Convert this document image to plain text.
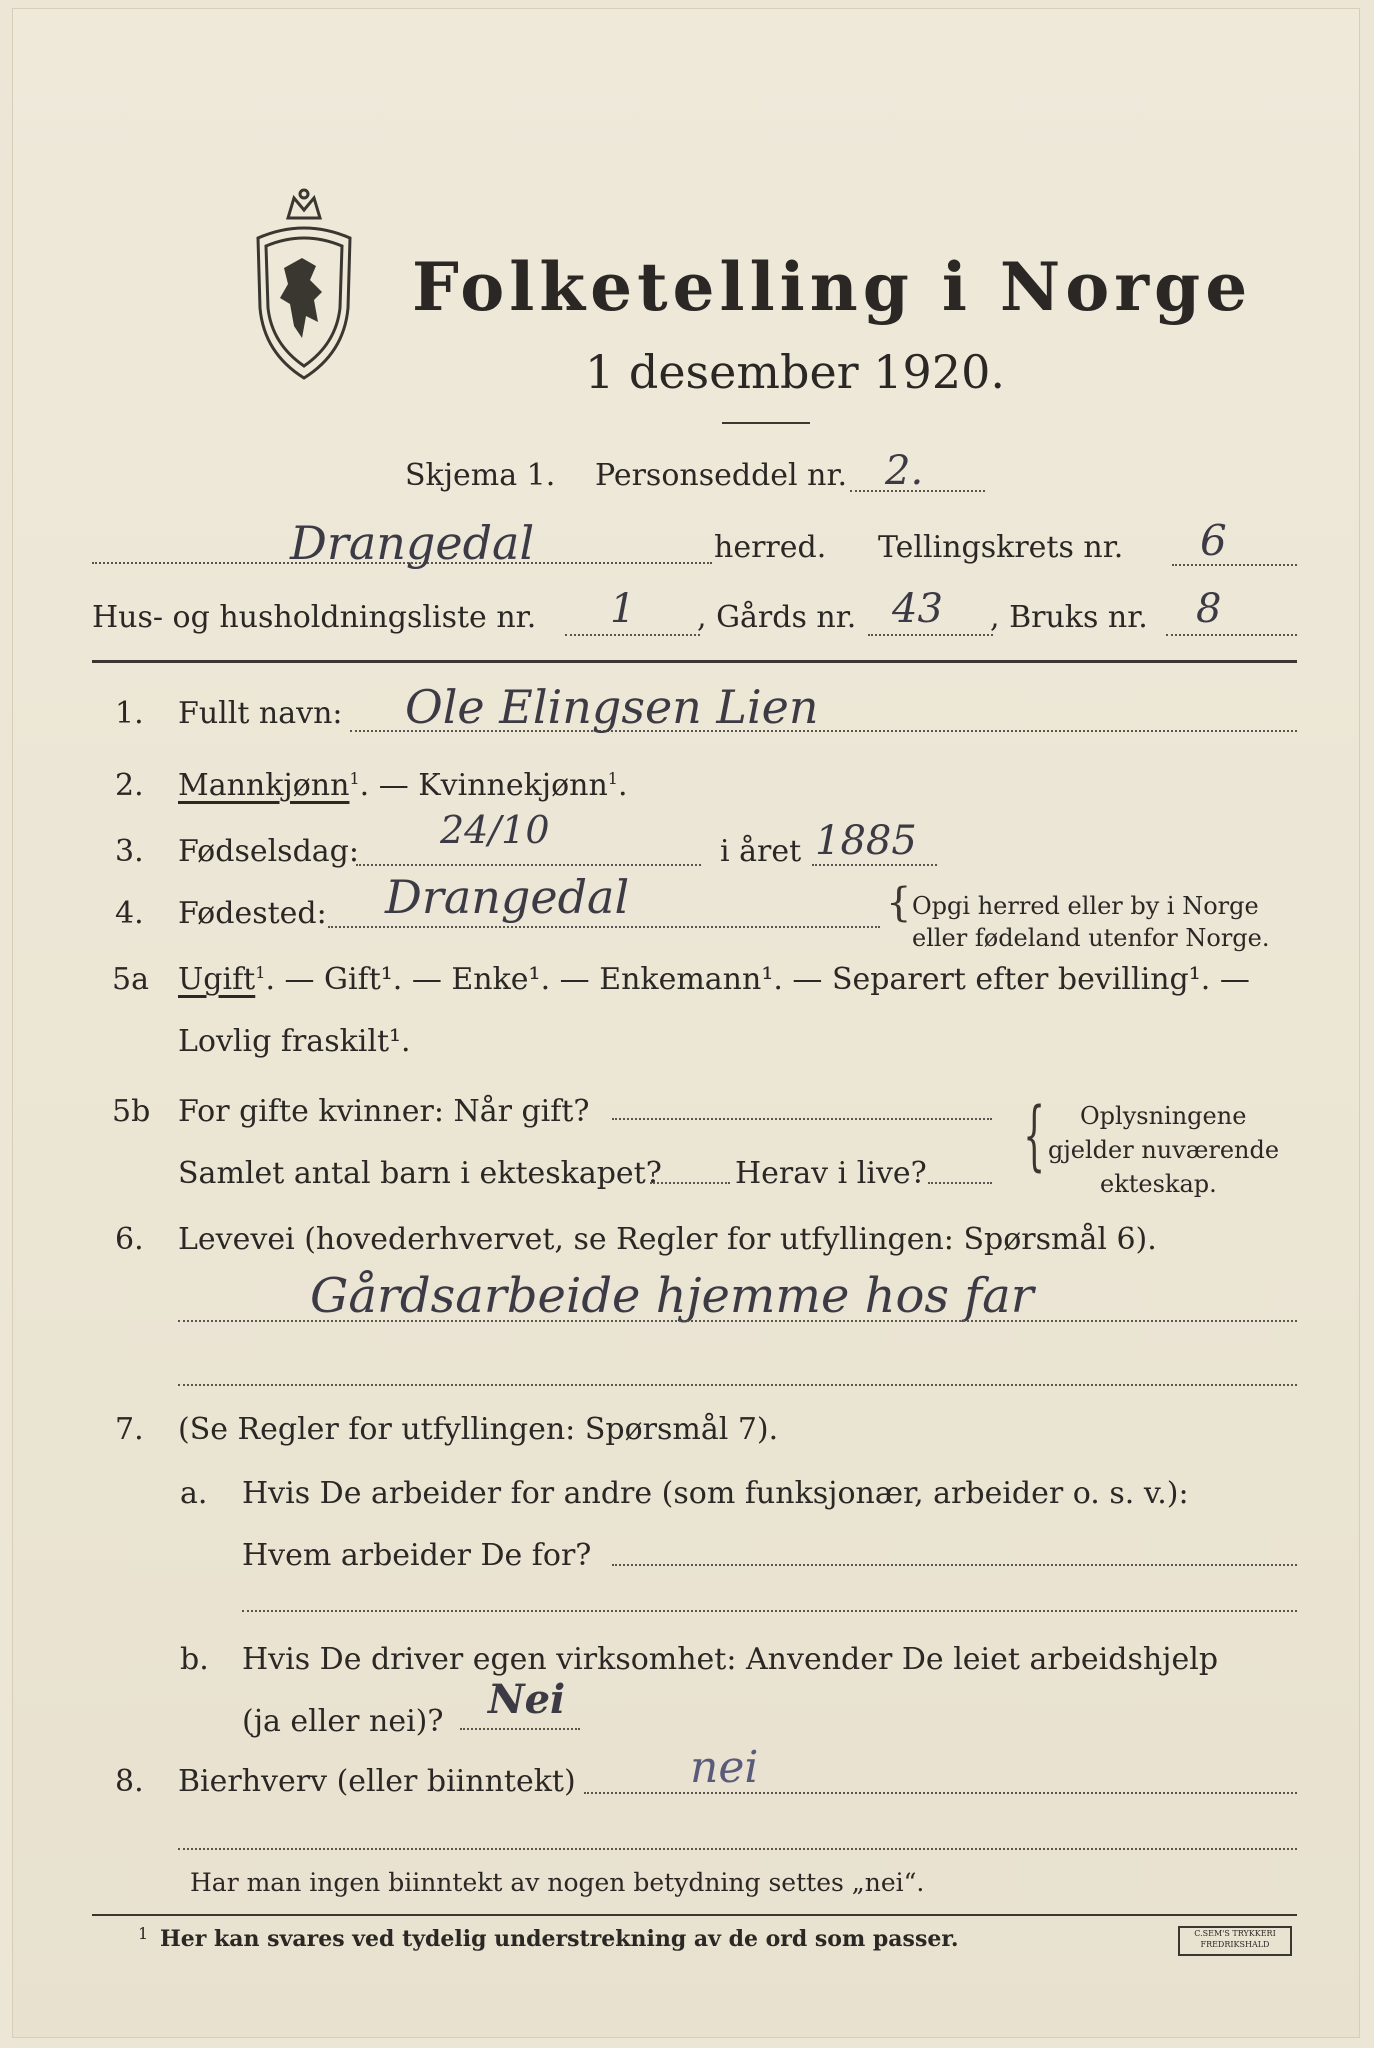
Folketelling i Norge
1 desember 1920.
Skjema 1. Personseddel nr. 2.
Drangedal	herred. Tellingskrets nr. 6
Hus- og husholdningsliste nr. 1 , Gårds nr. 43 , Bruks nr. 8
1. Fullt navn: Ole Elingsen Lien
2. Mannkjønn$^1$. — Kvinnekjønn$^1$.
3. Fødselsdag: 24/10	i året 1885
4. Fødested: Drangedal	{ Opgi herred eller by i Norge
eller fødeland utenfor Norge.
5a Ugift$^1$. — Gift¹. — Enke¹. — Enkemann¹. — Separert efter bevilling¹. —
Lovlig fraskilt¹.
5b For gifte kvinner: Når gift?
Samlet antal barn i ekteskapet? Herav i live? { Oplysningene
gjelder nuværende
ekteskap.
6. Levevei (hovederhvervet, se Regler for utfyllingen: Spørsmål 6).
Gårdsarbeide hjemme hos far
7. (Se Regler for utfyllingen: Spørsmål 7).
a. Hvis De arbeider for andre (som funksjonær, arbeider o. s. v.):
Hvem arbeider De for?
b. Hvis De driver egen virksomhet: Anvender De leiet arbeidshjelp
(ja eller nei)? Nei
8. Bierhverv (eller biinntekt)	nei
Har man ingen biinntekt av nogen betydning settes „nei“.
1 Her kan svares ved tydelig understrekning av de ord som passer.	C.SEM'S TRYKKERI
FREDRIKSHALD
